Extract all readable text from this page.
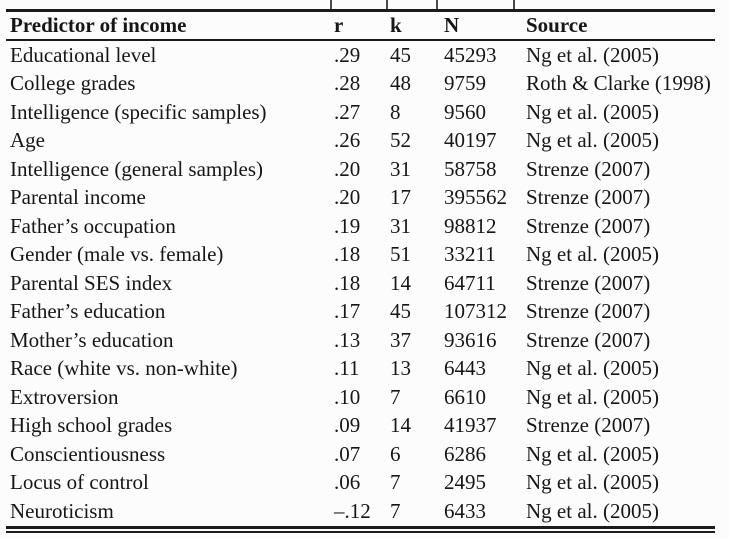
Predictor of income	r	k	N	Source
Educational level	.29	45	45293	Ng et al. (2005)
College grades	.28	48	9759	Roth & Clarke (1998)
Intelligence (specific samples)	.27	8	9560	Ng et al. (2005)
Age	.26	52	40197	Ng et al. (2005)
Intelligence (general samples)	.20	31	58758	Strenze (2007)
Parental income	.20	17	395562 Strenze (2007)
Father’s occupation	.19	31	98812	Strenze (2007)
Gender (male vs. female)	.18	51	33211	Ng et al. (2005)
Parental SES index	.18	14	64711	Strenze (2007)
Father’s education	.17	45	107312 Strenze (2007)
Mother’s education	.13	37	93616	Strenze (2007)
Race (white vs. non-white)	.11	13	6443	Ng et al. (2005)
Extroversion	.10	7	6610	Ng et al. (2005)
High school grades	.09	14	41937	Strenze (2007)
Conscientiousness	.07	6	6286	Ng et al. (2005)
Locus of control	.06	7	2495	Ng et al. (2005)
Neuroticism	–.12 7	6433	Ng et al. (2005)
